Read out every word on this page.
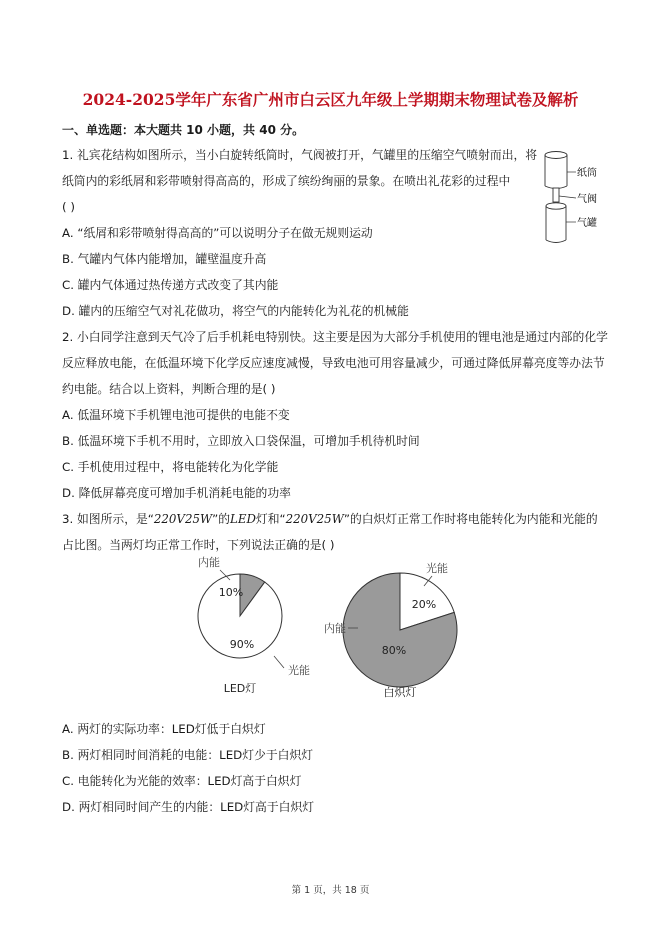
2024-2025学年广东省广州市白云区九年级上学期期末物理试卷及解析
一、单选题：本大题共 10 小题，共 40 分。
1. 礼宾花结构如图所示，当小白旋转纸筒时，气阀被打开，气罐里的压缩空气喷射而出，将
纸筒内的彩纸屑和彩带喷射得高高的，形成了缤纷绚丽的景象。在喷出礼花彩的过程中
( )
A. “纸屑和彩带喷射得高高的”可以说明分子在做无规则运动
B. 气罐内气体内能增加，罐壁温度升高
C. 罐内气体通过热传递方式改变了其内能
D. 罐内的压缩空气对礼花做功，将空气的内能转化为礼花的机械能
纸筒
气阀
气罐
2. 小白同学注意到天气冷了后手机耗电特别快。这主要是因为大部分手机使用的锂电池是通过内部的化学
反应释放电能，在低温环境下化学反应速度减慢，导致电池可用容量减少，可通过降低屏幕亮度等办法节
约电能。结合以上资料，判断合理的是( )
A. 低温环境下手机锂电池可提供的电能不变
B. 低温环境下手机不用时，立即放入口袋保温，可增加手机待机时间
C. 手机使用过程中，将电能转化为化学能
D. 降低屏幕亮度可增加手机消耗电能的功率
3. 如图所示，是“220V25W”的LED灯和“220V25W”的白炽灯正常工作时将电能转化为内能和光能的
占比图。当两灯均正常工作时，下列说法正确的是( )
10%
90%
内能
光能
LED灯
20%
80%
光能
内能
白炽灯
A. 两灯的实际功率：LED灯低于白炽灯
B. 两灯相同时间消耗的电能：LED灯少于白炽灯
C. 电能转化为光能的效率：LED灯高于白炽灯
D. 两灯相同时间产生的内能：LED灯高于白炽灯
第 1 页，共 18 页
